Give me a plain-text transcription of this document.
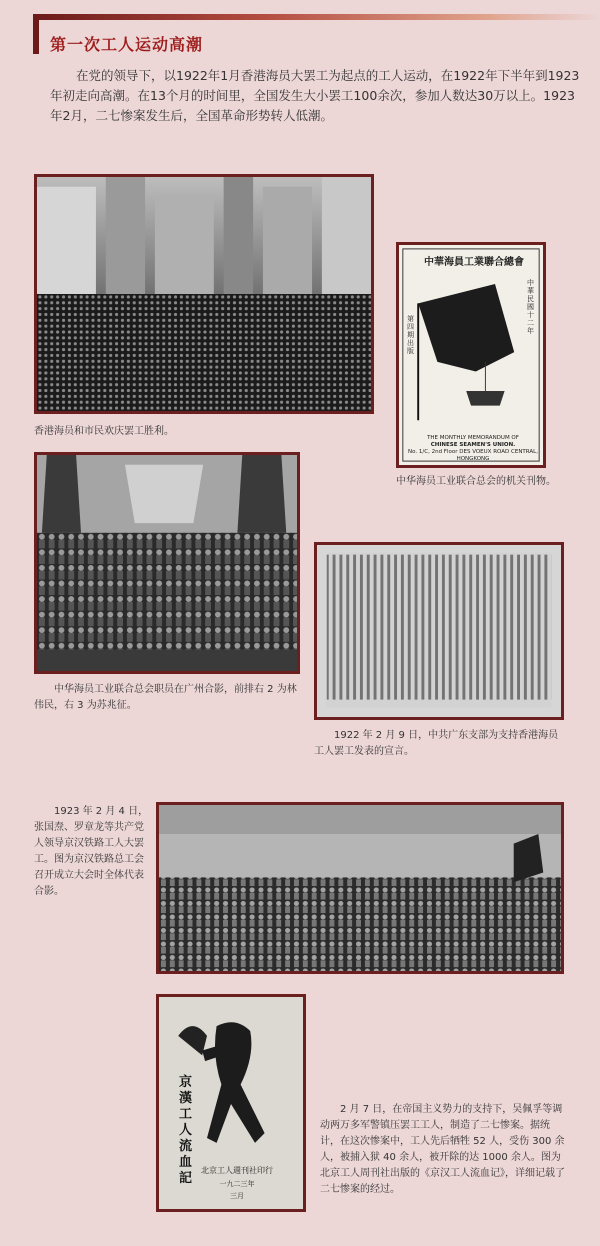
第一次工人运动高潮
在党的领导下，以1922年1月香港海员大罢工为起点的工人运动，在1922年下半年到1923年初走向高潮。在13个月的时间里，全国发生大小罢工100余次，参加人数达30万以上。1923年2月，二七惨案发生后，全国革命形势转人低潮。
香港海员和市民欢庆罢工胜利。
中華海員工業聯合總會
中華民國十二年
第四期出版
THE MONTHLY MEMORANDUM OF
CHINESE SEAMEN'S UNION.
No. 1/C, 2nd Floor DES VOEUX ROAD CENTRAL,
HONGKONG
中华海员工业联合总会的机关刊物。
中华海员工业联合总会职员在广州合影，前排右 2 为林伟民，右 3 为苏兆征。
1922 年 2 月 9 日，中共广东支部为支持香港海员工人罢工发表的宣言。
1923 年 2 月 4 日，张国焘、罗章龙等共产党人领导京汉铁路工人大罢工。图为京汉铁路总工会召开成立大会时全体代表合影。
京漢工人流血記
北京工人週刊社印行
一九二三年
三月
2 月 7 日，在帝国主义势力的支持下，吴佩孚等调动两万多军警镇压罢工工人，制造了二七惨案。据统计，在这次惨案中，工人先后牺牲 52 人，受伤 300 余人，被捕入狱 40 余人，被开除的达 1000 余人。图为北京工人周刊社出版的《京汉工人流血记》，详细记载了二七惨案的经过。
